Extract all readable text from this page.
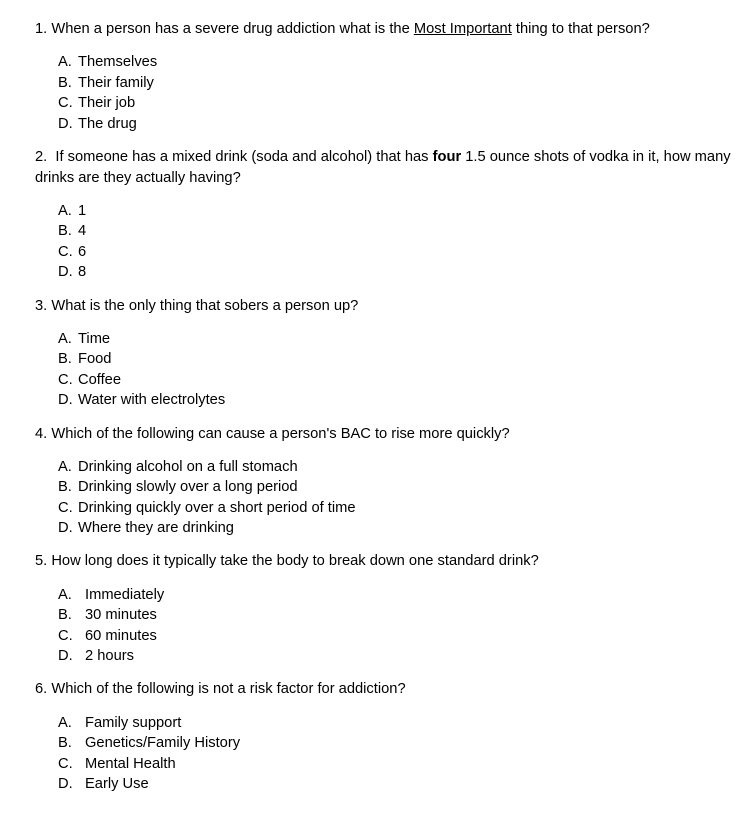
1. When a person has a severe drug addiction what is the Most Important thing to that person?

A. Themselves
B. Their family
C. Their job
D. The drug

2.  If someone has a mixed drink (soda and alcohol) that has four 1.5 ounce shots of vodka in it, how many drinks are they actually having?

A. 1
B. 4
C. 6
D. 8

3. What is the only thing that sobers a person up?

A. Time
B. Food
C. Coffee
D. Water with electrolytes

4. Which of the following can cause a person's BAC to rise more quickly?

A. Drinking alcohol on a full stomach
B. Drinking slowly over a long period
C. Drinking quickly over a short period of time
D. Where they are drinking

5. How long does it typically take the body to break down one standard drink?

A. Immediately
B. 30 minutes
C. 60 minutes
D. 2 hours

6. Which of the following is not a risk factor for addiction?

A. Family support
B. Genetics/Family History
C. Mental Health
D. Early Use
